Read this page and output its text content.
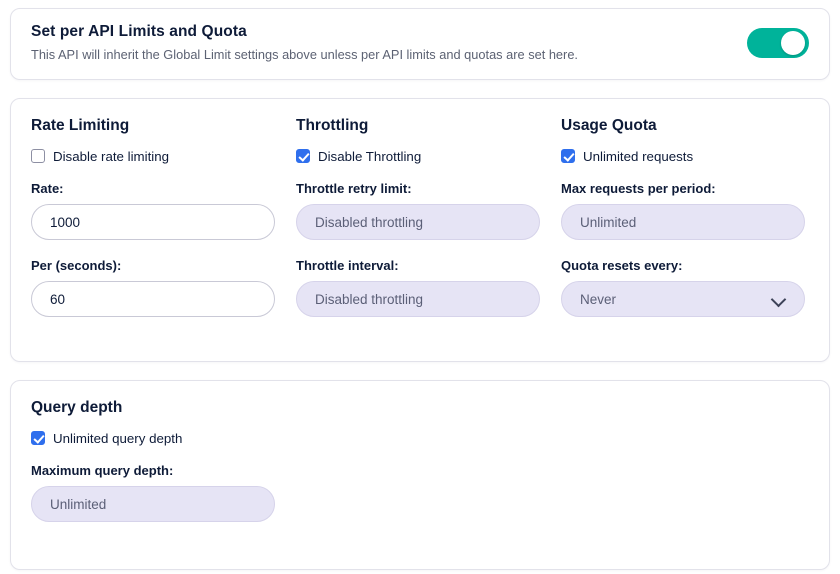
Set per API Limits and Quota
This API will inherit the Global Limit settings above unless per API limits and quotas are set here.
Rate Limiting
Disable rate limiting
Rate:
1000
Per (seconds):
60
Throttling
Disable Throttling
Throttle retry limit:
Disabled throttling
Throttle interval:
Disabled throttling
Usage Quota
Unlimited requests
Max requests per period:
Unlimited
Quota resets every:
Never
Query depth
Unlimited query depth
Maximum query depth:
Unlimited
